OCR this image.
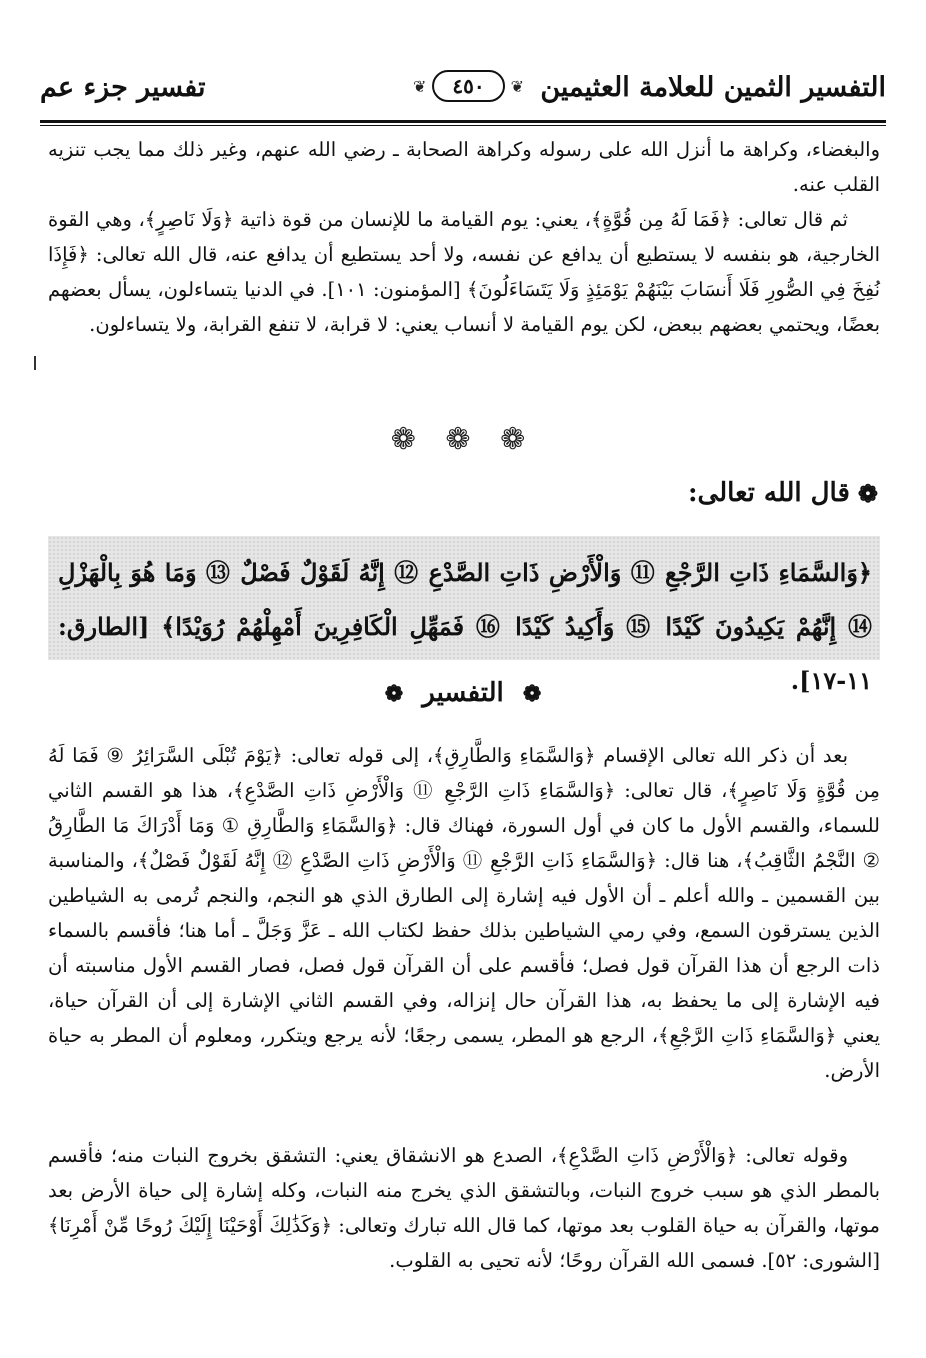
التفسير الثمين للعلامة العثيمين
تفسير جزء عم	❦
٤٥٠
❦
والبغضاء، وكراهة ما أنزل الله على رسوله وكراهة الصحابة ـ رضي الله عنهم، وغير ذلك مما يجب تنزيه القلب عنه.
ثم قال تعالى: ﴿فَمَا لَهُ مِن قُوَّةٍ﴾، يعني: يوم القيامة ما للإنسان من قوة ذاتية ﴿وَلَا نَاصِرٍ﴾، وهي القوة الخارجية، هو بنفسه لا يستطيع أن يدافع عن نفسه، ولا أحد يستطيع أن يدافع عنه، قال الله تعالى: ﴿فَإِذَا نُفِخَ فِي الصُّورِ فَلَا أَنسَابَ بَيْنَهُمْ يَوْمَئِذٍ وَلَا يَتَسَاءَلُونَ﴾ [المؤمنون: ١٠١]. في الدنيا يتساءلون، يسأل بعضهم بعضًا، ويحتمي بعضهم ببعض، لكن يوم القيامة لا أنساب يعني: لا قرابة، لا تنفع القرابة، ولا يتساءلون.
❁ ❁ ❁
❁
قال الله تعالى:
﴿وَالسَّمَاءِ ذَاتِ الرَّجْعِ ⑪ وَالْأَرْضِ ذَاتِ الصَّدْعِ ⑫ إِنَّهُ لَقَوْلٌ فَصْلٌ ⑬ وَمَا هُوَ بِالْهَزْلِ ⑭ إِنَّهُمْ يَكِيدُونَ كَيْدًا ⑮ وَأَكِيدُ كَيْدًا ⑯ فَمَهِّلِ الْكَافِرِينَ أَمْهِلْهُمْ رُوَيْدًا﴾ [الطارق: ١١-١٧].
❁ التفسير ❁
بعد أن ذكر الله تعالى الإقسام ﴿وَالسَّمَاءِ وَالطَّارِقِ﴾، إلى قوله تعالى: ﴿يَوْمَ تُبْلَى السَّرَائِرُ ⑨ فَمَا لَهُ مِن قُوَّةٍ وَلَا نَاصِرٍ﴾، قال تعالى: ﴿وَالسَّمَاءِ ذَاتِ الرَّجْعِ ⑪ وَالْأَرْضِ ذَاتِ الصَّدْعِ﴾، هذا هو القسم الثاني للسماء، والقسم الأول ما كان في أول السورة، فهناك قال: ﴿وَالسَّمَاءِ وَالطَّارِقِ ① وَمَا أَدْرَاكَ مَا الطَّارِقُ ② النَّجْمُ الثَّاقِبُ﴾، هنا قال: ﴿وَالسَّمَاءِ ذَاتِ الرَّجْعِ ⑪ وَالْأَرْضِ ذَاتِ الصَّدْعِ ⑫ إِنَّهُ لَقَوْلٌ فَصْلٌ﴾، والمناسبة بين القسمين ـ والله أعلم ـ أن الأول فيه إشارة إلى الطارق الذي هو النجم، والنجم تُرمى به الشياطين الذين يسترقون السمع، وفي رمي الشياطين بذلك حفظ لكتاب الله ـ عَزَّ وَجَلَّ ـ أما هنا؛ فأقسم بالسماء ذات الرجع أن هذا القرآن قول فصل؛ فأقسم على أن القرآن قول فصل، فصار القسم الأول مناسبته أن فيه الإشارة إلى ما يحفظ به، هذا القرآن حال إنزاله، وفي القسم الثاني الإشارة إلى أن القرآن حياة، يعني ﴿وَالسَّمَاءِ ذَاتِ الرَّجْعِ﴾، الرجع هو المطر، يسمى رجعًا؛ لأنه يرجع ويتكرر، ومعلوم أن المطر به حياة الأرض.
وقوله تعالى: ﴿وَالْأَرْضِ ذَاتِ الصَّدْعِ﴾، الصدع هو الانشقاق يعني: التشقق بخروج النبات منه؛ فأقسم بالمطر الذي هو سبب خروج النبات، وبالتشقق الذي يخرج منه النبات، وكله إشارة إلى حياة الأرض بعد موتها، والقرآن به حياة القلوب بعد موتها، كما قال الله تبارك وتعالى: ﴿وَكَذَٰلِكَ أَوْحَيْنَا إِلَيْكَ رُوحًا مِّنْ أَمْرِنَا﴾ [الشورى: ٥٢]. فسمى الله القرآن روحًا؛ لأنه تحيى به القلوب.
